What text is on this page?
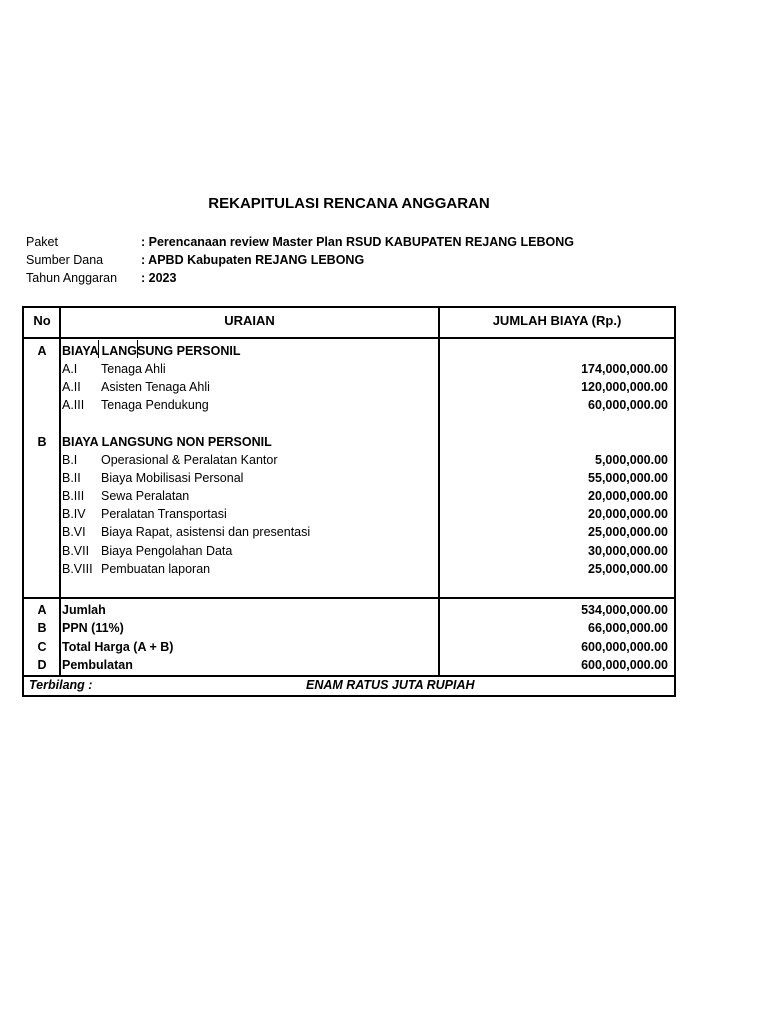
REKAPITULASI RENCANA ANGGARAN
Paket	: Perencanaan review Master Plan RSUD KABUPATEN REJANG LEBONG
Sumber Dana	: APBD Kabupaten REJANG LEBONG
Tahun Anggaran	: 2023
No	URAIAN	JUMLAH BIAYA (Rp.)
A	BIAYA LANGSUNG PERSONIL
A.I Tenaga Ahli	174,000,000.00
A.II Asisten Tenaga Ahli	120,000,000.00
A.III Tenaga Pendukung	60,000,000.00
B	BIAYA LANGSUNG NON PERSONIL
B.I Operasional & Peralatan Kantor	5,000,000.00
B.II Biaya Mobilisasi Personal	55,000,000.00
B.III Sewa Peralatan	20,000,000.00
B.IV Peralatan Transportasi	20,000,000.00
B.VI Biaya Rapat, asistensi dan presentasi	25,000,000.00
B.VII Biaya Pengolahan Data	30,000,000.00
B.VIII Pembuatan laporan	25,000,000.00
A	Jumlah	534,000,000.00
B	PPN (11%)	66,000,000.00
C	Total Harga (A + B)	600,000,000.00
D	Pembulatan	600,000,000.00
Terbilang :	ENAM RATUS JUTA RUPIAH
